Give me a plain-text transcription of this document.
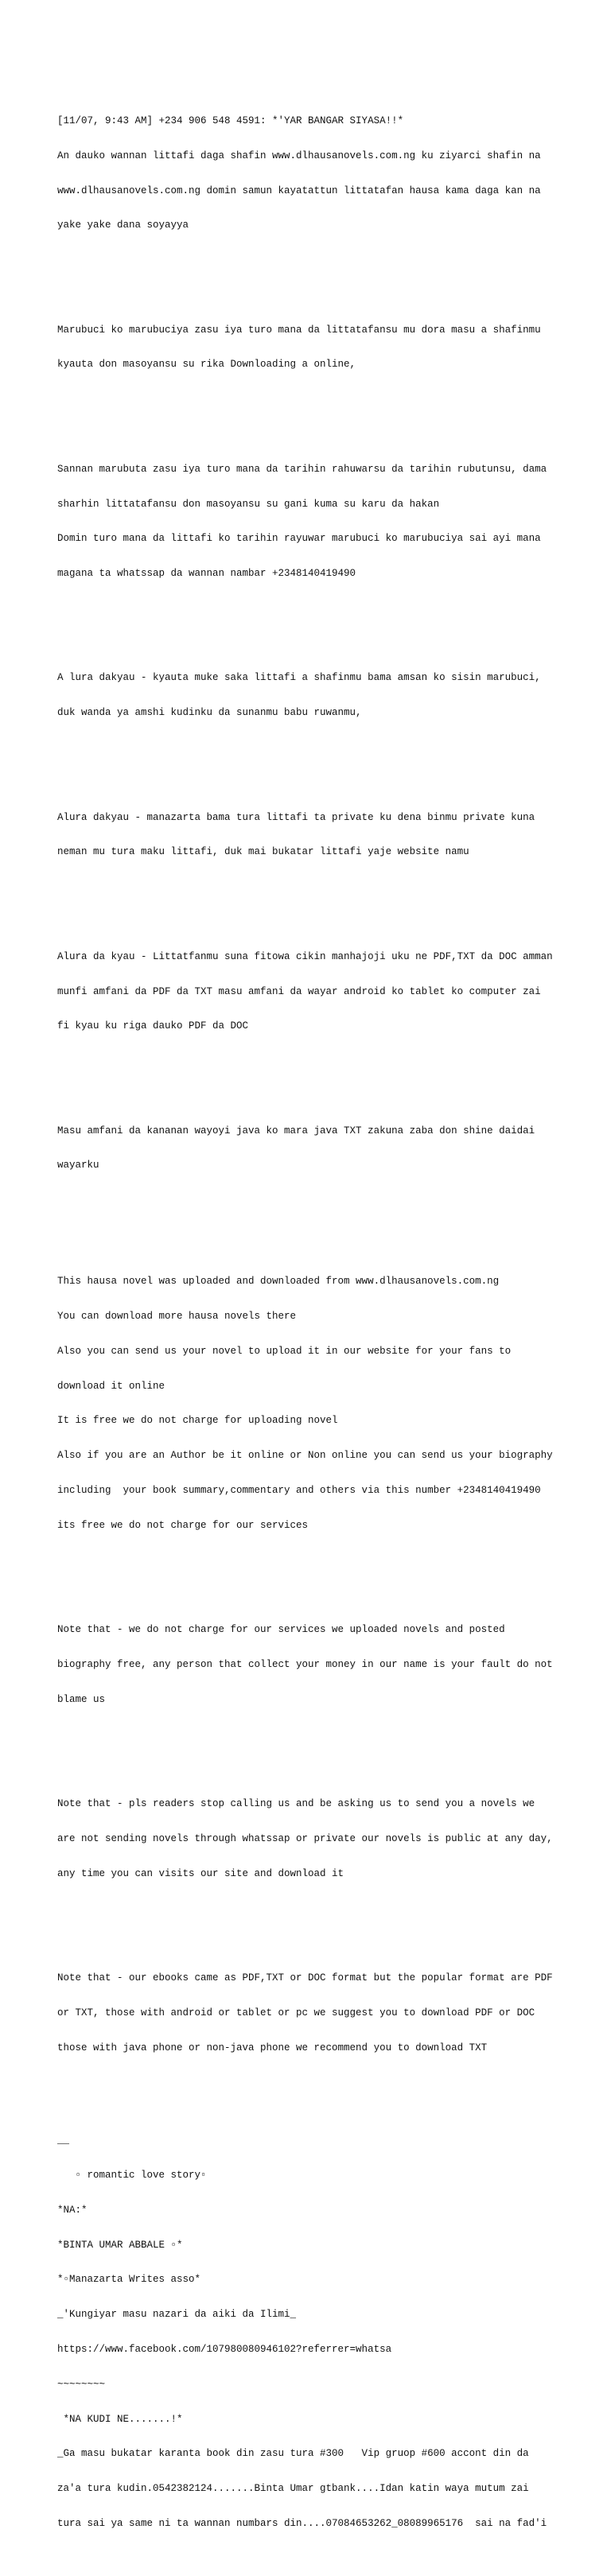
[11/07, 9:43 AM] +234 906 548 4591: *'YAR BANGAR SIYASA!!*

An dauko wannan littafi daga shafin www.dlhausanovels.com.ng ku ziyarci shafin na

www.dlhausanovels.com.ng domin samun kayatattun littatafan hausa kama daga kan na

yake yake dana soyayya

Marubuci ko marubuciya zasu iya turo mana da littatafansu mu dora masu a shafinmu

kyauta don masoyansu su rika Downloading a online,

Sannan marubuta zasu iya turo mana da tarihin rahuwarsu da tarihin rubutunsu, dama

sharhin littatafansu don masoyansu su gani kuma su karu da hakan

Domin turo mana da littafi ko tarihin rayuwar marubuci ko marubuciya sai ayi mana

magana ta whatssap da wannan nambar +2348140419490

A lura dakyau - kyauta muke saka littafi a shafinmu bama amsan ko sisin marubuci,

duk wanda ya amshi kudinku da sunanmu babu ruwanmu,

Alura dakyau - manazarta bama tura littafi ta private ku dena binmu private kuna

neman mu tura maku littafi, duk mai bukatar littafi yaje website namu

Alura da kyau - Littatfanmu suna fitowa cikin manhajoji uku ne PDF,TXT da DOC amman

munfi amfani da PDF da TXT masu amfani da wayar android ko tablet ko computer zai

fi kyau ku riga dauko PDF da DOC

Masu amfani da kananan wayoyi java ko mara java TXT zakuna zaba don shine daidai

wayarku

This hausa novel was uploaded and downloaded from www.dlhausanovels.com.ng

You can download more hausa novels there

Also you can send us your novel to upload it in our website for your fans to

download it online

It is free we do not charge for uploading novel

Also if you are an Author be it online or Non online you can send us your biography

including  your book summary,commentary and others via this number +2348140419490

its free we do not charge for our services

Note that - we do not charge for our services we uploaded novels and posted

biography free, any person that collect your money in our name is your fault do not

blame us

Note that - pls readers stop calling us and be asking us to send you a novels we

are not sending novels through whatssap or private our novels is public at any day,

any time you can visits our site and download it

Note that - our ebooks came as PDF,TXT or DOC format but the popular format are PDF

or TXT, those with android or tablet or pc we suggest you to download PDF or DOC

those with java phone or non-java phone we recommend you to download TXT

__

▫ romantic love story▫

*NA:*

*BINTA UMAR ABBALE ▫*

*▫Manazarta Writes asso*

_'Kungiyar masu nazari da aiki da Ilimi_

https://www.facebook.com/107980080946102?referrer=whatsa

~~~~~~~~

*NA KUDI NE.......!*

_Ga masu bukatar karanta book din zasu tura #300   Vip gruop #600 accont din da

za'a tura kudin.0542382124.......Binta Umar gtbank....Idan katin waya mutum zai

tura sai ya same ni ta wannan numbars din....07084653262_08089965176  sai na fad'i
